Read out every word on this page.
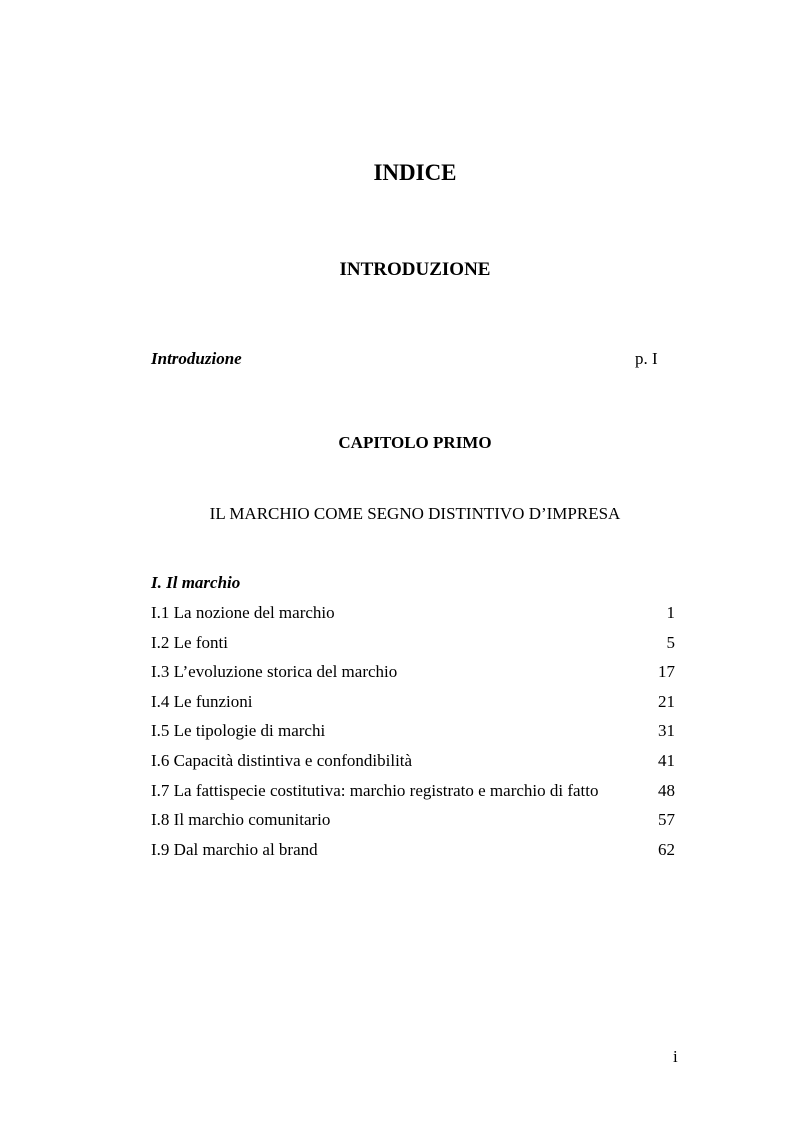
INDICE
INTRODUZIONE
Introduzione	p. I
CAPITOLO PRIMO
IL MARCHIO COME SEGNO DISTINTIVO D’IMPRESA
I. Il marchio
I.1 La nozione del marchio	1
I.2 Le fonti	5
I.3 L’evoluzione storica del marchio	17
I.4 Le funzioni	21
I.5 Le tipologie di marchi	31
I.6 Capacità distintiva e confondibilità	41
I.7 La fattispecie costitutiva: marchio registrato e marchio di fatto	48
I.8 Il marchio comunitario	57
I.9 Dal marchio al brand	62
i
